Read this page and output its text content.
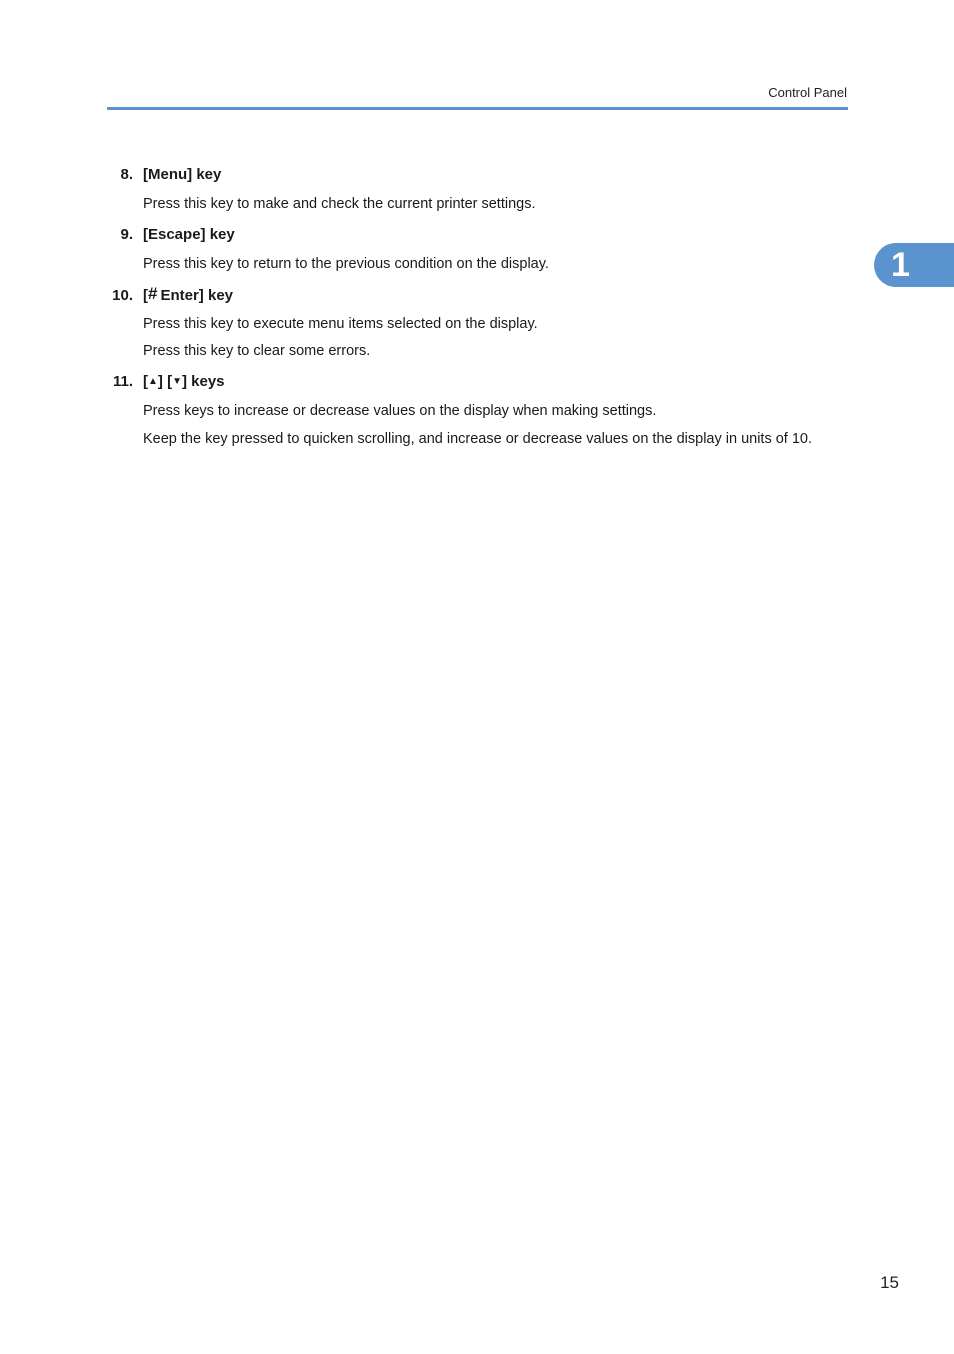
Control Panel
1
8. [Menu] key
Press this key to make and check the current printer settings.
9. [Escape] key
Press this key to return to the previous condition on the display.
10. [# Enter] key
Press this key to execute menu items selected on the display.
Press this key to clear some errors.
11. [▲] [▼] keys
Press keys to increase or decrease values on the display when making settings.
Keep the key pressed to quicken scrolling, and increase or decrease values on the display in units of 10.
15
